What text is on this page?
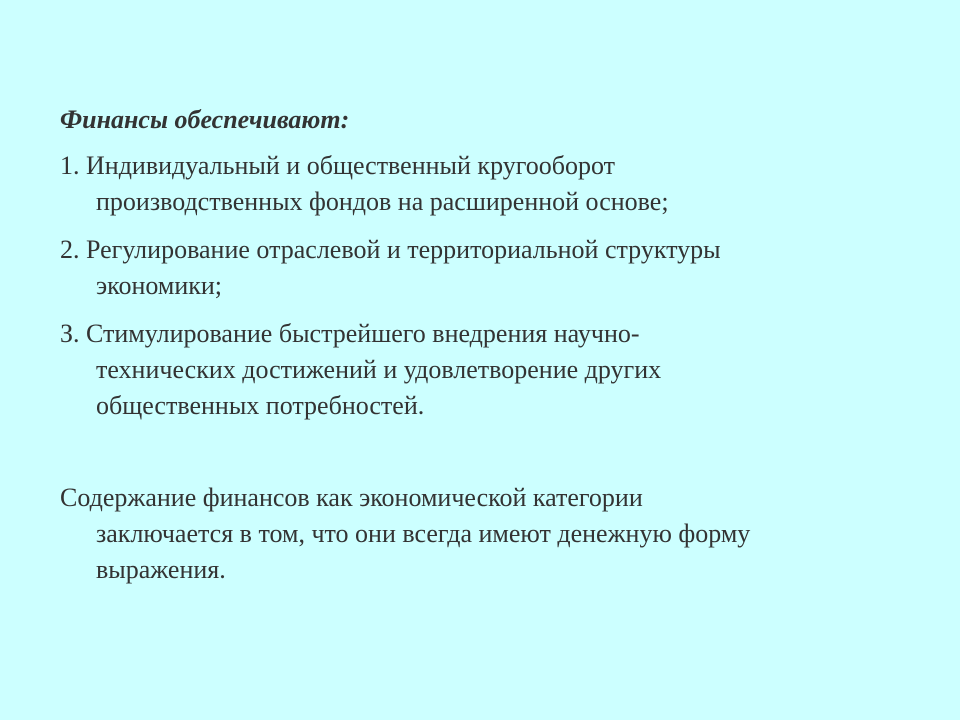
Финансы обеспечивают:
1. Индивидуальный и общественный кругооборот
производственных фондов на расширенной основе;
2. Регулирование отраслевой и территориальной структуры
экономики;
З. Стимулирование быстрейшего внедрения научно-
технических достижений и удовлетворение других
общественных потребностей.
Содержание финансов как экономической категории
заключается в том, что они всегда имеют денежную форму
выражения.
